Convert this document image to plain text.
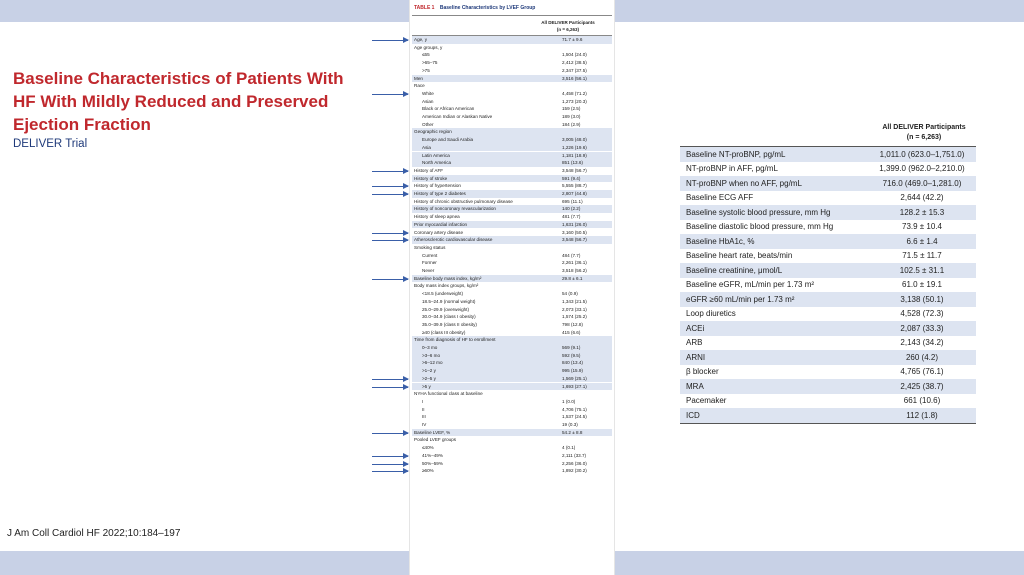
Baseline Characteristics of Patients With
HF With Mildly Reduced and Preserved
Ejection Fraction
DELIVER Trial
J Am Coll Cardiol HF 2022;10:184–197
TABLE 1 Baseline Characteristics by LVEF Group
All DELIVER Participants
(n = 6,263)
Age, y	71.7 ± 9.6
Age groups, y
≤65	1,504 (24.0)
>65–75	2,412 (38.5)
>75	2,347 (37.5)
Men	3,516 (56.1)
Race
White	4,458 (71.2)
Asian	1,273 (20.3)
Black or African American	159 (2.5)
American Indian or Alaskan Native	189 (3.0)
Other	184 (2.9)
Geographic region
Europe and Saudi Arabia	3,005 (48.0)
Asia	1,226 (19.6)
Latin America	1,181 (18.9)
North America	851 (13.6)
History of AFF	3,548 (56.7)
History of stroke	591 (9.4)
History of hypertension	5,555 (88.7)
History of type 2 diabetes	2,807 (44.8)
History of chronic obstructive pulmonary disease	695 (11.1)
History of noncoronary revascularization	140 (2.2)
History of sleep apnea	481 (7.7)
Prior myocardial infarction	1,631 (26.0)
Coronary artery disease	3,160 (50.5)
Atherosclerotic cardiovascular disease	3,548 (56.7)
Smoking status
Current	484 (7.7)
Former	2,261 (36.1)
Never	3,518 (56.2)
Baseline body mass index, kg/m²	29.8 ± 6.1
Body mass index groups, kg/m²
<18.5 (underweight)	54 (0.9)
18.5–24.9 (normal weight)	1,343 (21.5)
25.0–29.9 (overweight)	2,073 (33.1)
30.0–34.9 (class I obesity)	1,574 (25.2)
35.0–39.9 (class II obesity)	798 (12.8)
≥40 (class III obesity)	415 (6.6)
Time from diagnosis of HF to enrollment
0–3 mo	569 (9.1)
>3–6 mo	592 (9.5)
>6–12 mo	840 (13.4)
>1–2 y	995 (15.9)
>2–5 y	1,569 (25.1)
>5 y	1,693 (27.1)
NYHA functional class at baseline
I	1 (0.0)
II	4,706 (75.1)
III	1,537 (24.5)
IV	19 (0.3)
Baseline LVEF, %	54.2 ± 8.8
Pooled LVEF groups
≤40%	4 (0.1)
41%–49%	2,111 (33.7)
50%–59%	2,256 (36.0)
≥60%	1,892 (30.2)
All DELIVER Participants
(n = 6,263)
Baseline NT-proBNP, pg/mL	1,011.0 (623.0–1,751.0)
NT-proBNP in AFF, pg/mL	1,399.0 (962.0–2,210.0)
NT-proBNP when no AFF, pg/mL	716.0 (469.0–1,281.0)
Baseline ECG AFF	2,644 (42.2)
Baseline systolic blood pressure, mm Hg	128.2 ± 15.3
Baseline diastolic blood pressure, mm Hg	73.9 ± 10.4
Baseline HbA1c, %	6.6 ± 1.4
Baseline heart rate, beats/min	71.5 ± 11.7
Baseline creatinine, μmol/L	102.5 ± 31.1
Baseline eGFR, mL/min per 1.73 m²	61.0 ± 19.1
eGFR ≥60 mL/min per 1.73 m²	3,138 (50.1)
Loop diuretics	4,528 (72.3)
ACEi	2,087 (33.3)
ARB	2,143 (34.2)
ARNI	260 (4.2)
β blocker	4,765 (76.1)
MRA	2,425 (38.7)
Pacemaker	661 (10.6)
ICD	112 (1.8)
